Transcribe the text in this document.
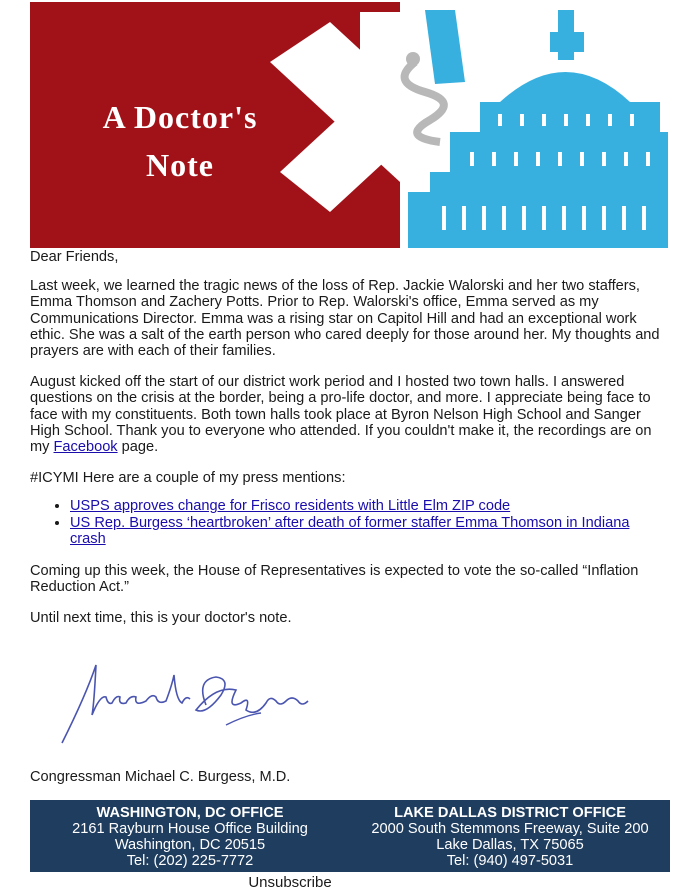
A Doctor's
Note

Dear Friends,

Last week, we learned the tragic news of the loss of Rep. Jackie Walorski and her two staffers, Emma Thomson and Zachery Potts. Prior to Rep. Walorski's office, Emma served as my Communications Director. Emma was a rising star on Capitol Hill and had an exceptional work ethic. She was a salt of the earth person who cared deeply for those around her. My thoughts and prayers are with each of their families.

August kicked off the start of our district work period and I hosted two town halls. I answered questions on the crisis at the border, being a pro-life doctor, and more. I appreciate being face to face with my constituents. Both town halls took place at Byron Nelson High School and Sanger High School. Thank you to everyone who attended. If you couldn't make it, the recordings are on my Facebook page.

#ICYMI Here are a couple of my press mentions:

• USPS approves change for Frisco residents with Little Elm ZIP code
• US Rep. Burgess ‘heartbroken’ after death of former staffer Emma Thomson in Indiana crash

Coming up this week, the House of Representatives is expected to vote the so-called “Inflation Reduction Act.”

Until next time, this is your doctor's note.

Congressman Michael C. Burgess, M.D.
WASHINGTON, DC OFFICE
2161 Rayburn House Office Building
Washington, DC 20515
Tel: (202) 225-7772
LAKE DALLAS DISTRICT OFFICE
2000 South Stemmons Freeway, Suite 200
Lake Dallas, TX 75065
Tel: (940) 497-5031
Unsubscribe
